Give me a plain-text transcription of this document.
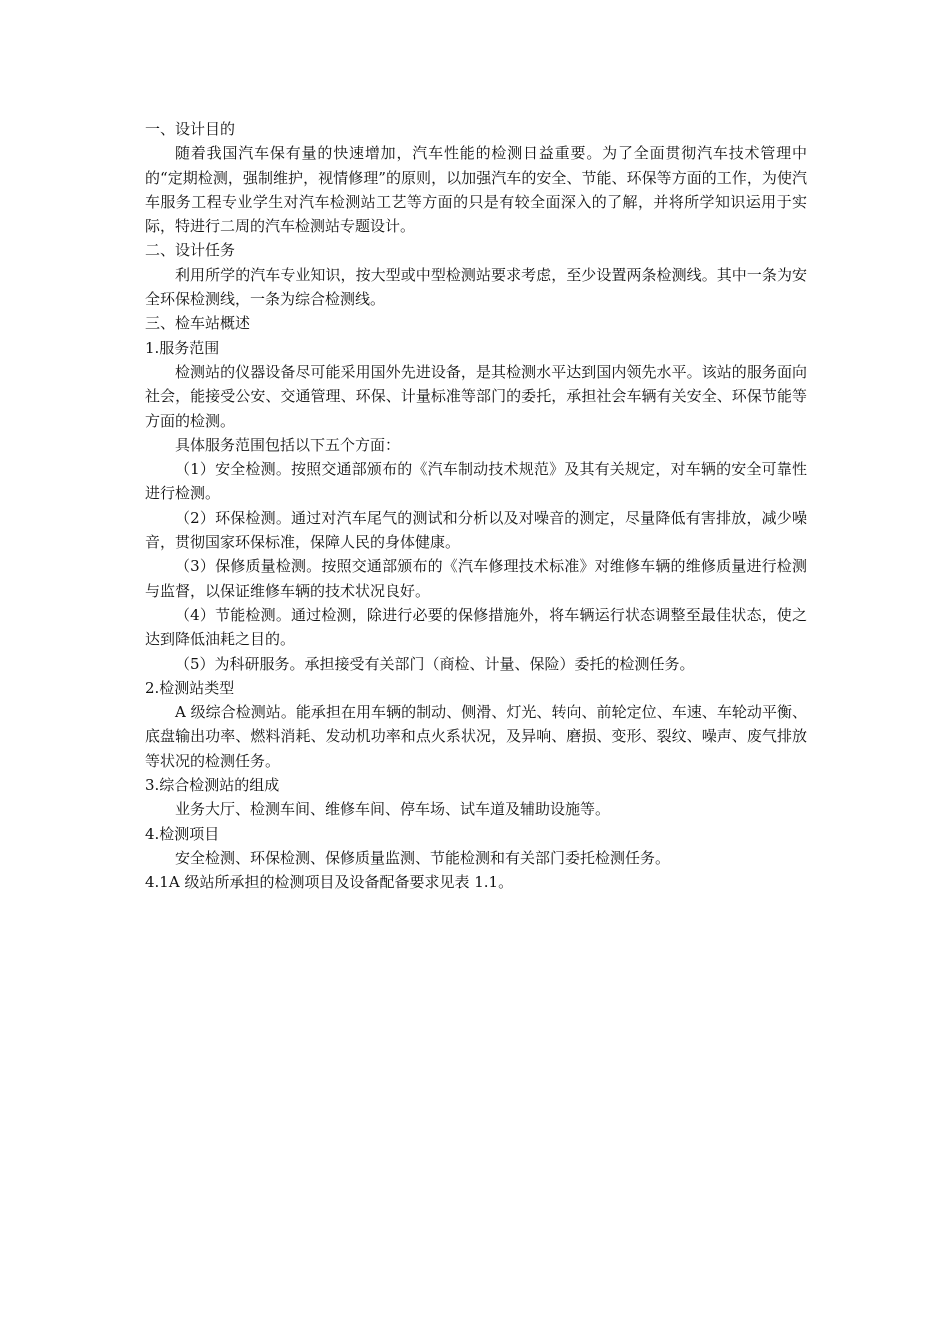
一、设计目的

随着我国汽车保有量的快速增加，汽车性能的检测日益重要。为了全面贯彻汽车技术管理中的“定期检测，强制维护，视情修理”的原则，以加强汽车的安全、节能、环保等方面的工作，为使汽车服务工程专业学生对汽车检测站工艺等方面的只是有较全面深入的了解，并将所学知识运用于实际，特进行二周的汽车检测站专题设计。

二、设计任务

利用所学的汽车专业知识，按大型或中型检测站要求考虑，至少设置两条检测线。其中一条为安全环保检测线，一条为综合检测线。

三、检车站概述

1.服务范围

检测站的仪器设备尽可能采用国外先进设备，是其检测水平达到国内领先水平。该站的服务面向社会，能接受公安、交通管理、环保、计量标准等部门的委托，承担社会车辆有关安全、环保节能等方面的检测。

具体服务范围包括以下五个方面：

（1）安全检测。按照交通部颁布的《汽车制动技术规范》及其有关规定，对车辆的安全可靠性进行检测。

（2）环保检测。通过对汽车尾气的测试和分析以及对噪音的测定，尽量降低有害排放，减少噪音，贯彻国家环保标准，保障人民的身体健康。

（3）保修质量检测。按照交通部颁布的《汽车修理技术标准》对维修车辆的维修质量进行检测与监督，以保证维修车辆的技术状况良好。

（4）节能检测。通过检测，除进行必要的保修措施外，将车辆运行状态调整至最佳状态，使之达到降低油耗之目的。

（5）为科研服务。承担接受有关部门（商检、计量、保险）委托的检测任务。

2.检测站类型

A 级综合检测站。能承担在用车辆的制动、侧滑、灯光、转向、前轮定位、车速、车轮动平衡、底盘输出功率、燃料消耗、发动机功率和点火系状况，及异响、磨损、变形、裂纹、噪声、废气排放等状况的检测任务。

3.综合检测站的组成

业务大厅、检测车间、维修车间、停车场、试车道及辅助设施等。

4.检测项目

安全检测、环保检测、保修质量监测、节能检测和有关部门委托检测任务。

4.1A 级站所承担的检测项目及设备配备要求见表 1.1。
